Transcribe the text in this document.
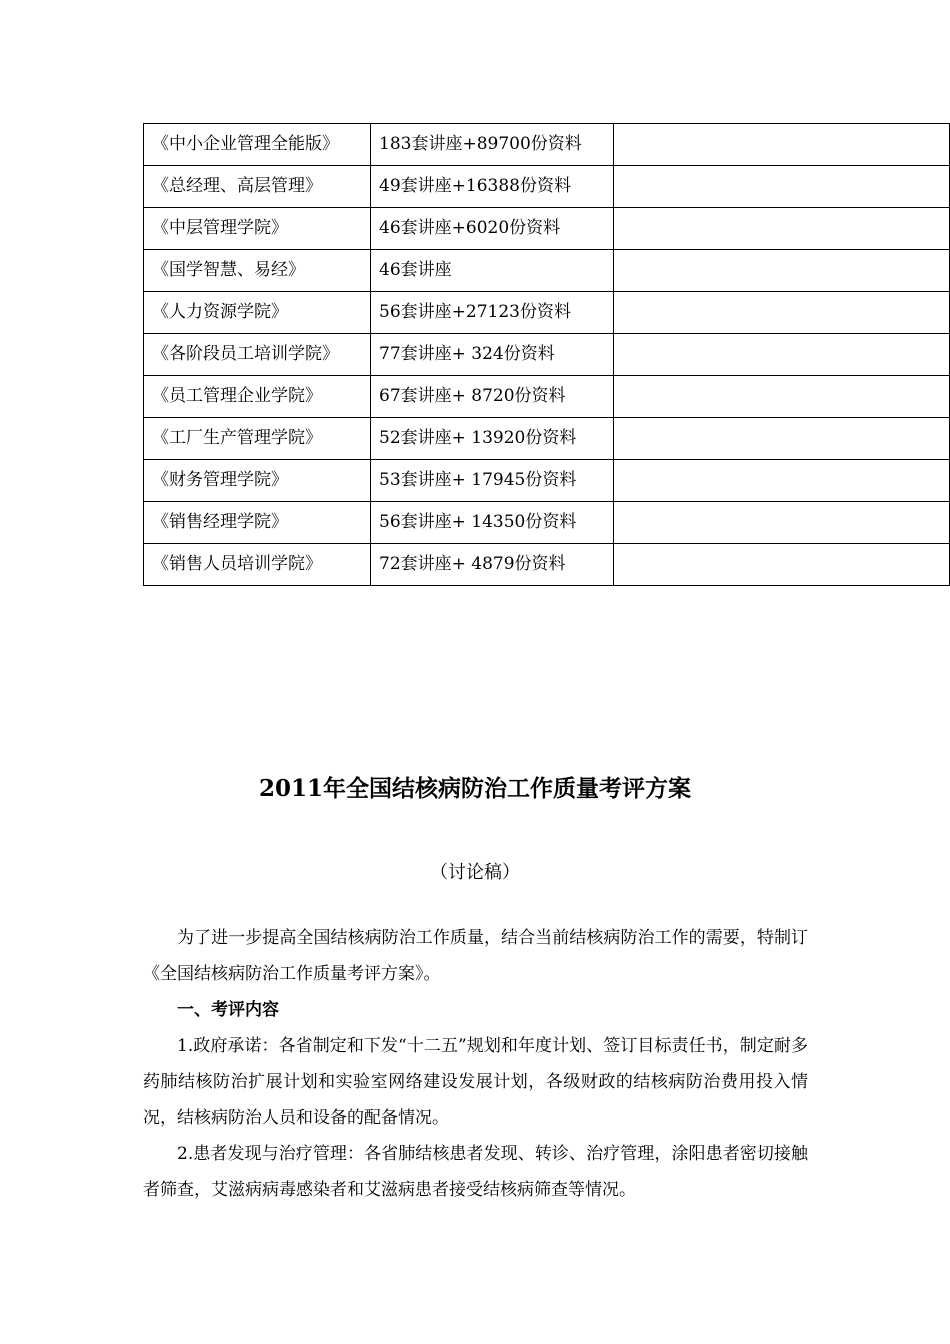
《中小企业管理全能版》	183套讲座+89700份资料	
《总经理、高层管理》	49套讲座+16388份资料	
《中层管理学院》	46套讲座+6020份资料	
《国学智慧、易经》	46套讲座	
《人力资源学院》	56套讲座+27123份资料	
《各阶段员工培训学院》	77套讲座+ 324份资料	
《员工管理企业学院》	67套讲座+ 8720份资料	
《工厂生产管理学院》	52套讲座+ 13920份资料	
《财务管理学院》	53套讲座+ 17945份资料	
《销售经理学院》	56套讲座+ 14350份资料	
《销售人员培训学院》	72套讲座+ 4879份资料	
2011年全国结核病防治工作质量考评方案

（讨论稿）

为了进一步提高全国结核病防治工作质量，结合当前结核病防治工作的需要，特制订《全国结核病防治工作质量考评方案》。

一、考评内容

1.政府承诺：各省制定和下发“十二五”规划和年度计划、签订目标责任书，制定耐多药肺结核防治扩展计划和实验室网络建设发展计划，各级财政的结核病防治费用投入情况，结核病防治人员和设备的配备情况。

2.患者发现与治疗管理：各省肺结核患者发现、转诊、治疗管理，涂阳患者密切接触者筛查，艾滋病病毒感染者和艾滋病患者接受结核病筛查等情况。
